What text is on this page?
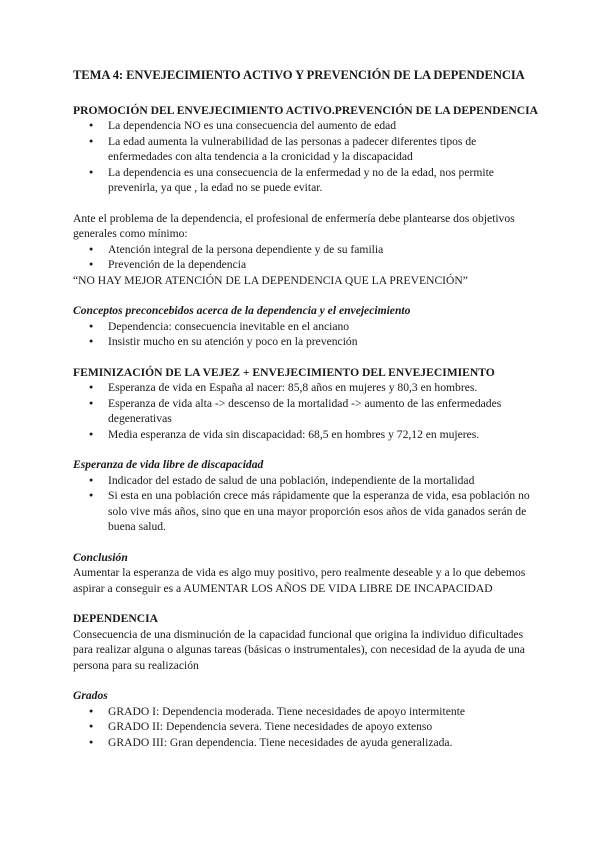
TEMA 4: ENVEJECIMIENTO ACTIVO Y PREVENCIÓN DE LA DEPENDENCIA
PROMOCIÓN DEL ENVEJECIMIENTO ACTIVO.PREVENCIÓN DE LA DEPENDENCIA
● La dependencia NO es una consecuencia del aumento de edad
● La edad aumenta la vulnerabilidad de las personas a padecer diferentes tipos de enfermedades con alta tendencia a la cronicidad y la discapacidad
● La dependencia es una consecuencia de la enfermedad y no de la edad, nos permite prevenirla, ya que , la edad no se puede evitar.
Ante el problema de la dependencia, el profesional de enfermería debe plantearse dos objetivos generales como mínimo:
● Atención integral de la persona dependiente y de su familia
● Prevención de la dependencia
“NO HAY MEJOR ATENCIÓN DE LA DEPENDENCIA QUE LA PREVENCIÓN”
Conceptos preconcebidos acerca de la dependencia y el envejecimiento
● Dependencia: consecuencia inevitable en el anciano
● Insistir mucho en su atención y poco en la prevención
FEMINIZACIÓN DE LA VEJEZ + ENVEJECIMIENTO DEL ENVEJECIMIENTO
● Esperanza de vida en España al nacer: 85,8 años en mujeres y 80,3 en hombres.
● Esperanza de vida alta -> descenso de la mortalidad -> aumento de las enfermedades degenerativas
● Media esperanza de vida sin discapacidad: 68,5 en hombres y 72,12 en mujeres.
Esperanza de vida libre de discapacidad
● Indicador del estado de salud de una población, independiente de la mortalidad
● Si esta en una población crece más rápidamente que la esperanza de vida, esa población no solo vive más años, sino que en una mayor proporción esos años de vida ganados serán de buena salud.
Conclusión
Aumentar la esperanza de vida es algo muy positivo, pero realmente deseable y a lo que debemos aspirar a conseguir es a AUMENTAR LOS AÑOS DE VIDA LIBRE DE INCAPACIDAD
DEPENDENCIA
Consecuencia de una disminución de la capacidad funcional que origina la individuo dificultades para realizar alguna o algunas tareas (básicas o instrumentales), con necesidad de la ayuda de una persona para su realización
Grados
● GRADO I: Dependencia moderada. Tiene necesidades de apoyo intermitente
● GRADO II: Dependencia severa. Tiene necesidades de apoyo extenso
● GRADO III: Gran dependencia. Tiene necesidades de ayuda generalizada.
